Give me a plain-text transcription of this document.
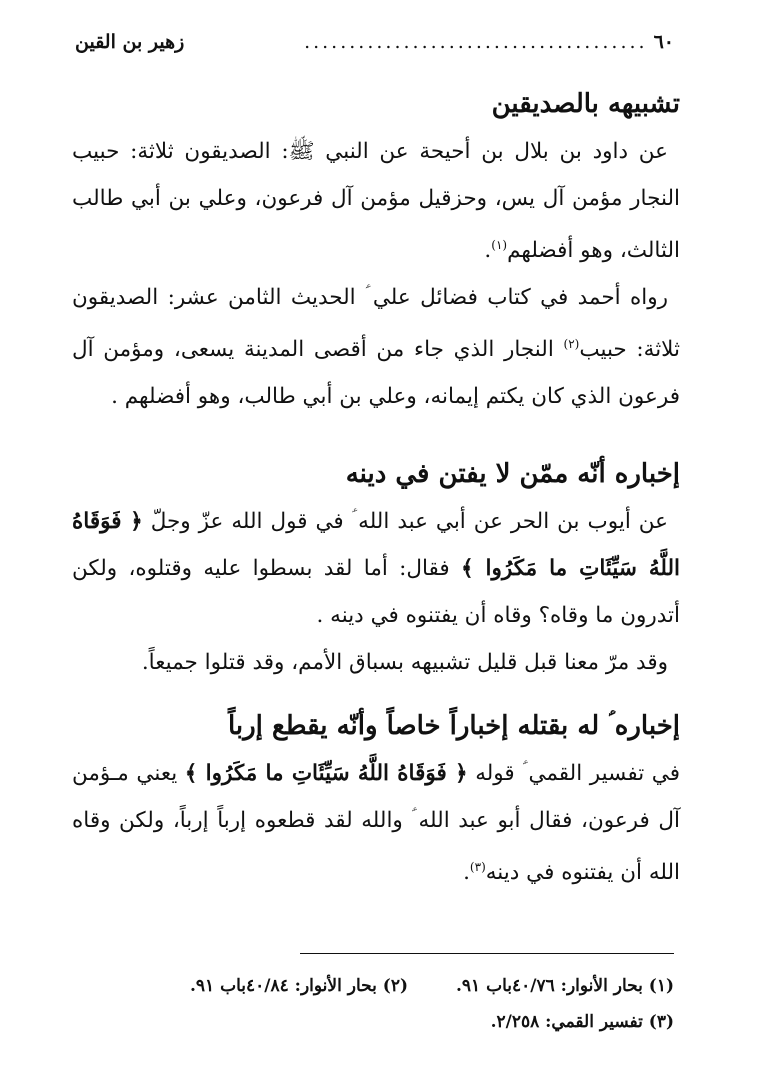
٦٠
......................................
زهير بن القين
تشبيهه بالصديقين

عن داود بن بلال بن أحيحة عن النبي ﷺ: الصديقون ثلاثة: حبيب النجار مؤمن آل يس، وحزقيل مؤمن آل فرعون، وعلي بن أبي طالب الثالث، وهو أفضلهم$^{(١)}$.

رواه أحمد في كتاب فضائل علي ؑ الحديث الثامن عشر: الصديقون ثلاثة: حبيب$^{(٢)}$ النجار الذي جاء من أقصى المدينة يسعى، ومؤمن آل فرعون الذي كان يكتم إيمانه، وعلي بن أبي طالب، وهو أفضلهم .

إخباره أنّه ممّن لا يفتن في دينه

عن أيوب بن الحر عن أبي عبد الله ؑ في قول الله عزّ وجلّ ﴿ فَوَقَاهُ اللَّهُ سَيِّئَاتِ ما مَكَرُوا ﴾ فقال: أما لقد بسطوا عليه وقتلوه، ولكن أتدرون ما وقاه؟ وقاه أن يفتنوه في دينه .

وقد مرّ معنا قبل قليل تشبيهه بسباق الأمم، وقد قتلوا جميعاً.

إخباره ؑ له بقتله إخباراً خاصاً وأنّه يقطع إرباً

في تفسير القمي ؑ قوله ﴿ فَوَقَاهُ اللَّهُ سَيِّئَاتِ ما مَكَرُوا ﴾ يعني مـؤمن آل فرعون، فقال أبو عبد الله ؑ والله لقد قطعوه إرباً إرباً، ولكن وقاه الله أن يفتنوه في دينه$^{(٣)}$.

(١) بحار الأنوار: ٤٠/٧٦باب ٩١.
(٢) بحار الأنوار: ٤٠/٨٤باب ٩١.
(٣) تفسير القمي: ٢/٢٥٨.
